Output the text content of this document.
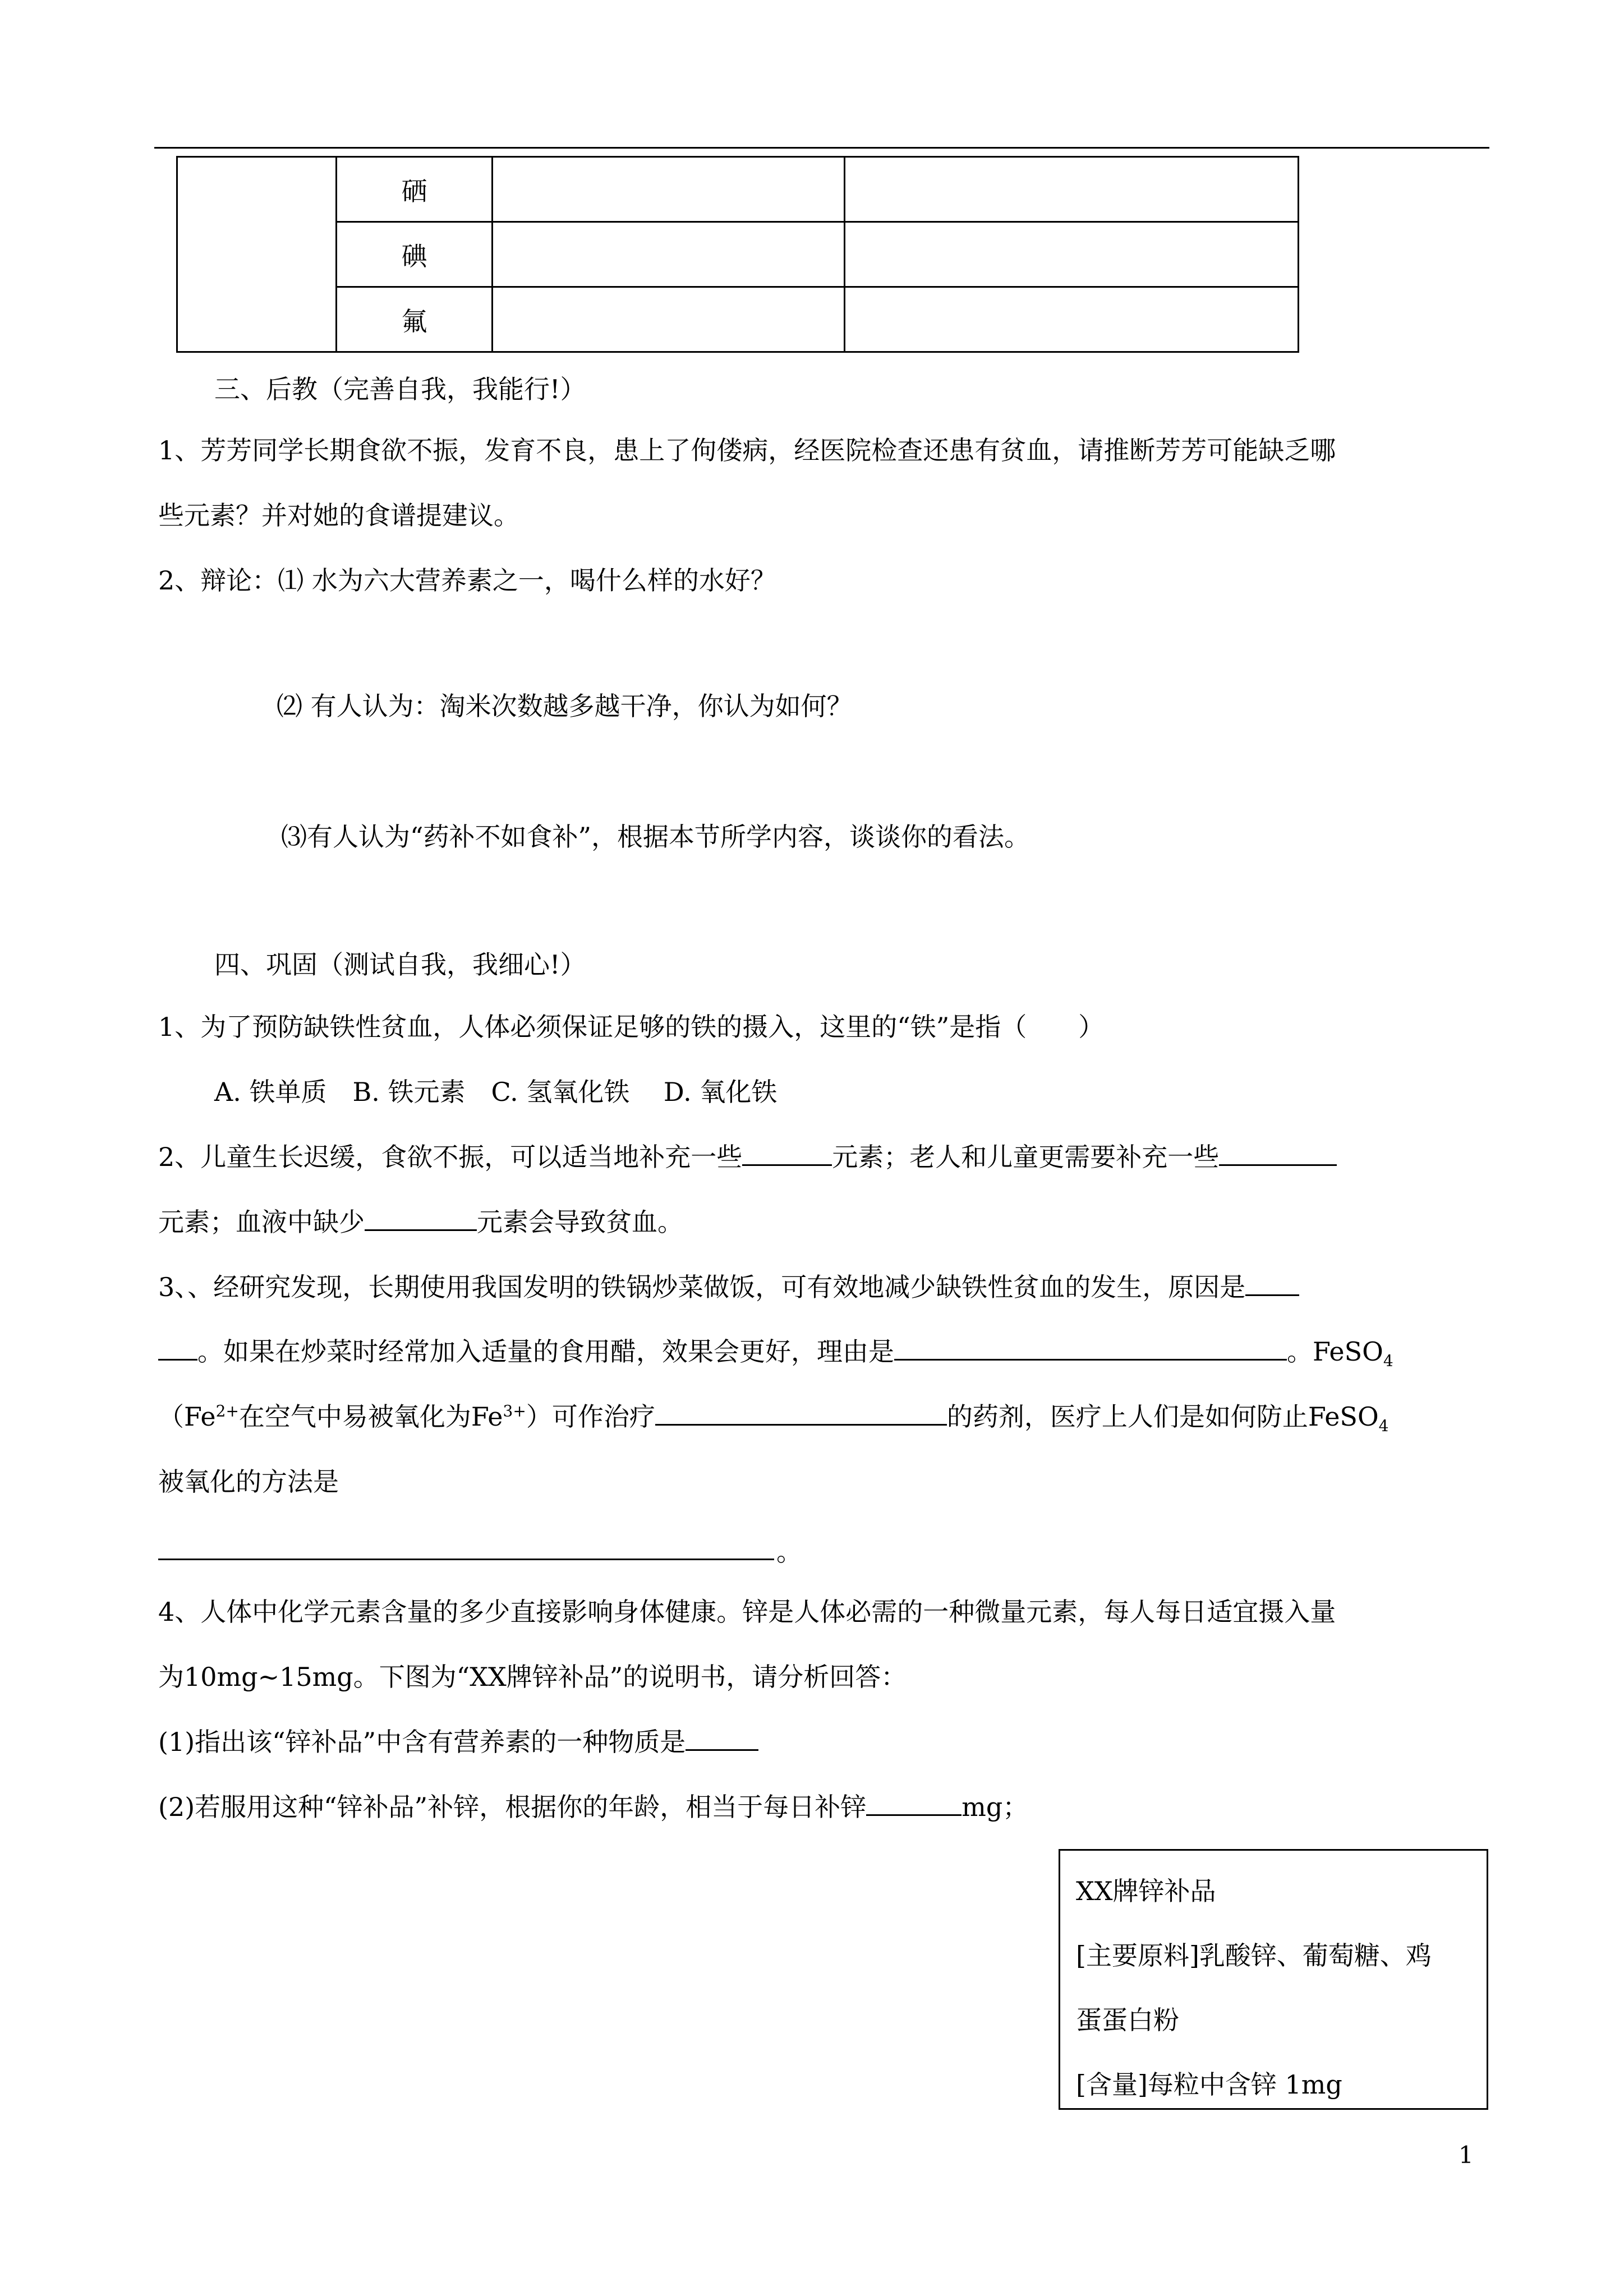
	硒		
	碘		
	氟		
三、后教（完善自我，我能行!）
1、芳芳同学长期食欲不振，发育不良，患上了佝偻病，经医院检查还患有贫血，请推断芳芳可能缺乏哪
些元素？并对她的食谱提建议。
2、辩论：⑴ 水为六大营养素之一，喝什么样的水好？
⑵ 有人认为：淘米次数越多越干净，你认为如何？
⑶有人认为“药补不如食补”，根据本节所学内容，谈谈你的看法。
四、巩固（测试自我，我细心!）
1、为了预防缺铁性贫血，人体必须保证足够的铁的摄入，这里的“铁”是指（　　）
A. 铁单质　B. 铁元素　C. 氢氧化铁　 D. 氧化铁
2、儿童生长迟缓，食欲不振，可以适当地补充一些	元素；老人和儿童更需要补充一些
元素；血液中缺少	元素会导致贫血。
3、、经研究发现，长期使用我国发明的铁锅炒菜做饭，可有效地减少缺铁性贫血的发生，原因是
。如果在炒菜时经常加入适量的食用醋，效果会更好，理由是	。FeSO$_4$
（$Fe^{2+}$在空气中易被氧化为$Fe^{3+}$）可作治疗	的药剂，医疗上人们是如何防止FeSO$_4$
被氧化的方法是
。
4、人体中化学元素含量的多少直接影响身体健康。锌是人体必需的一种微量元素，每人每日适宜摄入量
为10mg~15mg。下图为“XX牌锌补品”的说明书，请分析回答：
(1)指出该“锌补品”中含有营养素的一种物质是
(2)若服用这种“锌补品”补锌，根据你的年龄，相当于每日补锌	mg；
XX牌锌补品
[主要原料]乳酸锌、葡萄糖、鸡
蛋蛋白粉
[含量]每粒中含锌 1mg
1
